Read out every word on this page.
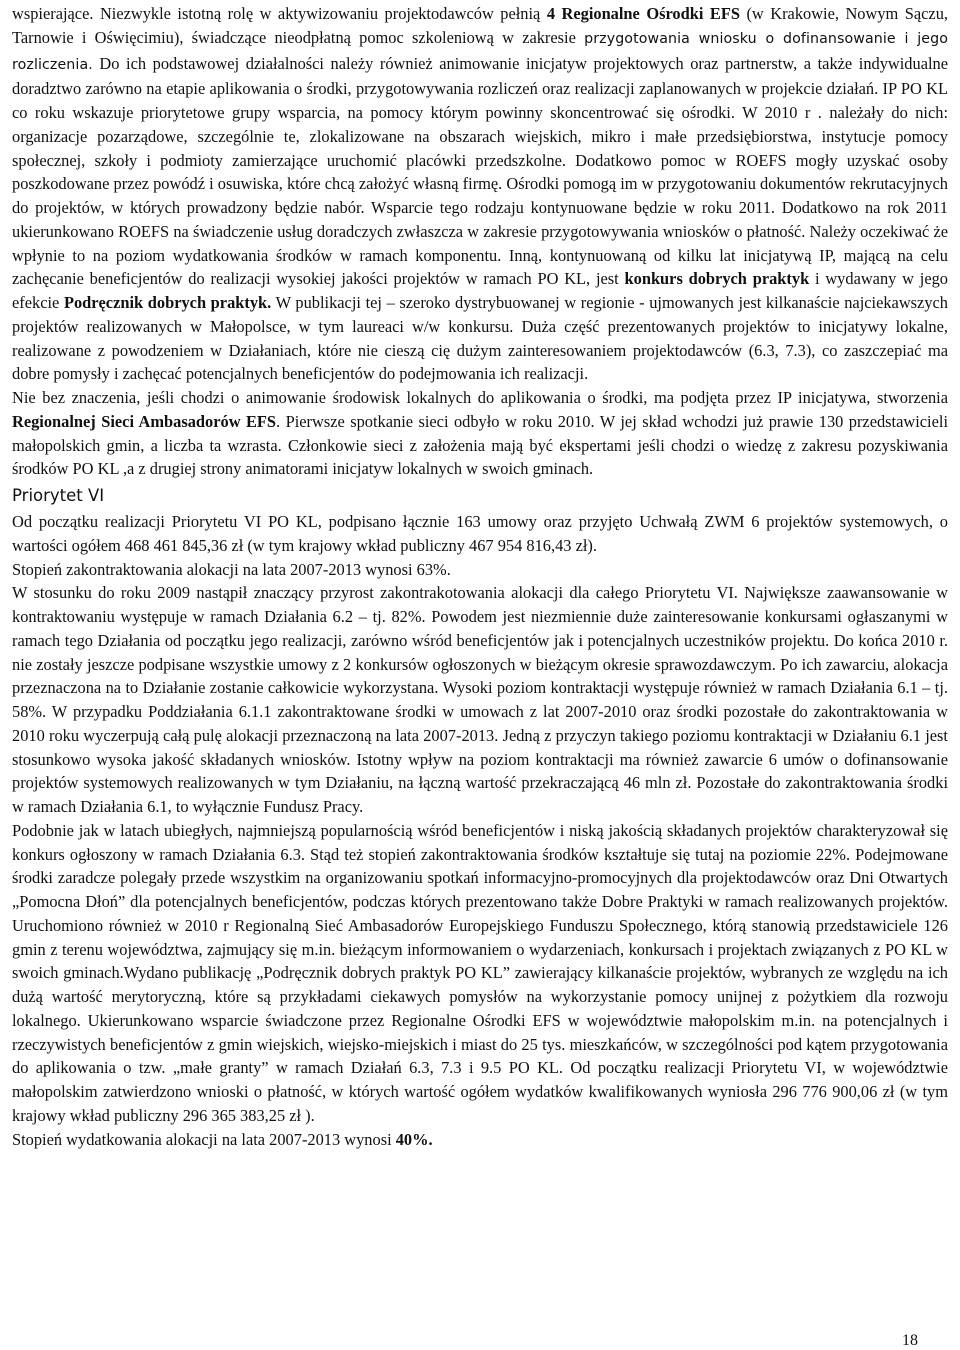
wspierające. Niezwykle istotną rolę w aktywizowaniu projektodawców pełnią 4 Regionalne Ośrodki EFS (w Krakowie, Nowym Sączu, Tarnowie i Oświęcimiu), świadczące nieodpłatną pomoc szkoleniową w zakresie przygotowania wniosku o dofinansowanie i jego rozliczenia. Do ich podstawowej działalności należy również animowanie inicjatyw projektowych oraz partnerstw, a także indywidualne doradztwo zarówno na etapie aplikowania o środki, przygotowywania rozliczeń oraz realizacji zaplanowanych w projekcie działań. IP PO KL co roku wskazuje priorytetowe grupy wsparcia, na pomocy którym powinny skoncentrować się ośrodki. W 2010 r . należały do nich: organizacje pozarządowe, szczególnie te, zlokalizowane na obszarach wiejskich, mikro i małe przedsiębiorstwa, instytucje pomocy społecznej, szkoły i podmioty zamierzające uruchomić placówki przedszkolne. Dodatkowo pomoc w ROEFS mogły uzyskać osoby poszkodowane przez powódź i osuwiska, które chcą założyć własną firmę. Ośrodki pomogą im w przygotowaniu dokumentów rekrutacyjnych do projektów, w których prowadzony będzie nabór. Wsparcie tego rodzaju kontynuowane będzie w roku 2011. Dodatkowo na rok 2011 ukierunkowano ROEFS na świadczenie usług doradczych zwłaszcza w zakresie przygotowywania wniosków o płatność. Należy oczekiwać że wpłynie to na poziom wydatkowania środków w ramach komponentu. Inną, kontynuowaną od kilku lat inicjatywą IP, mającą na celu zachęcanie beneficjentów do realizacji wysokiej jakości projektów w ramach PO KL, jest konkurs dobrych praktyk i wydawany w jego efekcie Podręcznik dobrych praktyk. W publikacji tej – szeroko dystrybuowanej w regionie - ujmowanych jest kilkanaście najciekawszych projektów realizowanych w Małopolsce, w tym laureaci w/w konkursu. Duża część prezentowanych projektów to inicjatywy lokalne, realizowane z powodzeniem w Działaniach, które nie cieszą cię dużym zainteresowaniem projektodawców (6.3, 7.3), co zaszczepiać ma dobre pomysły i zachęcać potencjalnych beneficjentów do podejmowania ich realizacji.

Nie bez znaczenia, jeśli chodzi o animowanie środowisk lokalnych do aplikowania o środki, ma podjęta przez IP inicjatywa, stworzenia Regionalnej Sieci Ambasadorów EFS. Pierwsze spotkanie sieci odbyło w roku 2010. W jej skład wchodzi już prawie 130 przedstawicieli małopolskich gmin, a liczba ta wzrasta. Członkowie sieci z założenia mają być ekspertami jeśli chodzi o wiedzę z zakresu pozyskiwania środków PO KL ,a z drugiej strony animatorami inicjatyw lokalnych w swoich gminach.

Priorytet VI

Od początku realizacji Priorytetu VI PO KL, podpisano łącznie 163 umowy oraz przyjęto Uchwałą ZWM 6 projektów systemowych, o wartości ogółem 468 461 845,36 zł (w tym krajowy wkład publiczny 467 954 816,43 zł).

Stopień zakontraktowania alokacji na lata 2007-2013 wynosi 63%.

W stosunku do roku 2009 nastąpił znaczący przyrost zakontrakotowania alokacji dla całego Priorytetu VI. Największe zaawansowanie w kontraktowaniu występuje w ramach Działania 6.2 – tj. 82%. Powodem jest niezmiennie duże zainteresowanie konkursami ogłaszanymi w ramach tego Działania od początku jego realizacji, zarówno wśród beneficjentów jak i potencjalnych uczestników projektu. Do końca 2010 r. nie zostały jeszcze podpisane wszystkie umowy z 2 konkursów ogłoszonych w bieżącym okresie sprawozdawczym. Po ich zawarciu, alokacja przeznaczona na to Działanie zostanie całkowicie wykorzystana. Wysoki poziom kontraktacji występuje również w ramach Działania 6.1 – tj. 58%. W przypadku Poddziałania 6.1.1 zakontraktowane środki w umowach z lat 2007-2010 oraz środki pozostałe do zakontraktowania w 2010 roku wyczerpują całą pulę alokacji przeznaczoną na lata 2007-2013. Jedną z przyczyn takiego poziomu kontraktacji w Działaniu 6.1 jest stosunkowo wysoka jakość składanych wniosków. Istotny wpływ na poziom kontraktacji ma również zawarcie 6 umów o dofinansowanie projektów systemowych realizowanych w tym Działaniu, na łączną wartość przekraczającą 46 mln zł. Pozostałe do zakontraktowania środki w ramach Działania 6.1, to wyłącznie Fundusz Pracy.

Podobnie jak w latach ubiegłych, najmniejszą popularnością wśród beneficjentów i niską jakością składanych projektów charakteryzował się konkurs ogłoszony w ramach Działania 6.3. Stąd też stopień zakontraktowania środków kształtuje się tutaj na poziomie 22%. Podejmowane środki zaradcze polegały przede wszystkim na organizowaniu spotkań informacyjno-promocyjnych dla projektodawców oraz Dni Otwartych „Pomocna Dłoń” dla potencjalnych beneficjentów, podczas których prezentowano także Dobre Praktyki w ramach realizowanych projektów. Uruchomiono również w 2010 r Regionalną Sieć Ambasadorów Europejskiego Funduszu Społecznego, którą stanowią przedstawiciele 126 gmin z terenu województwa, zajmujący się m.in. bieżącym informowaniem o wydarzeniach, konkursach i projektach związanych z PO KL w swoich gminach.Wydano publikację „Podręcznik dobrych praktyk PO KL” zawierający kilkanaście projektów, wybranych ze względu na ich dużą wartość merytoryczną, które są przykładami ciekawych pomysłów na wykorzystanie pomocy unijnej z pożytkiem dla rozwoju lokalnego. Ukierunkowano wsparcie świadczone przez Regionalne Ośrodki EFS w województwie małopolskim m.in. na potencjalnych i rzeczywistych beneficjentów z gmin wiejskich, wiejsko-miejskich i miast do 25 tys. mieszkańców, w szczególności pod kątem przygotowania do aplikowania o tzw. „małe granty” w ramach Działań 6.3, 7.3 i 9.5 PO KL. Od początku realizacji Priorytetu VI, w województwie małopolskim zatwierdzono wnioski o płatność, w których wartość ogółem wydatków kwalifikowanych wyniosła 296 776 900,06 zł (w tym krajowy wkład publiczny 296 365 383,25 zł ).

Stopień wydatkowania alokacji na lata 2007-2013 wynosi 40%.

18
